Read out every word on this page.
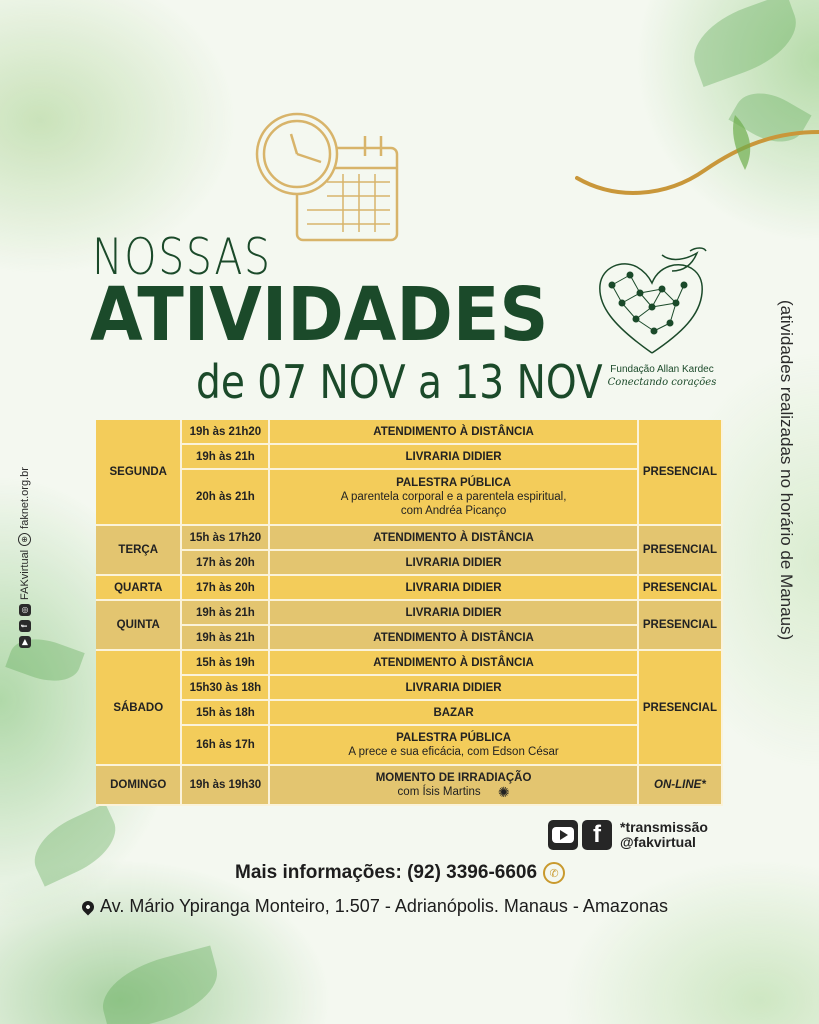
NOSSAS
ATIVIDADES
de 07 NOV a 13 NOV Fundação Allan Kardec
Conectando corações
▶
f
◎
FAKvirtual
⊕
faknet.org.br	(atividades realizadas no horário de Manaus)
SEGUNDA	19h às 21h20	ATENDIMENTO À DISTÂNCIA	PRESENCIAL
	19h às 21h	LIVRARIA DIDIER	
	20h às 21h	PALESTRA PÚBLICA
A parentela corporal e a parentela espiritual,
com Andréa Picanço	

TERÇA	15h às 17h20	ATENDIMENTO À DISTÂNCIA	PRESENCIAL
	17h às 20h	LIVRARIA DIDIER	
QUARTA	17h às 20h	LIVRARIA DIDIER	PRESENCIAL
QUINTA	19h às 21h	LIVRARIA DIDIER	PRESENCIAL
	19h às 21h	ATENDIMENTO À DISTÂNCIA	
SÁBADO	15h às 19h	ATENDIMENTO À DISTÂNCIA	PRESENCIAL
	15h30 às 18h	LIVRARIA DIDIER	
	15h às 18h	BAZAR	
	16h às 17h	PALESTRA PÚBLICA
A prece e sua eficácia, com Edson César	

DOMINGO	19h às 19h30	MOMENTO DE IRRADIAÇÃO
com Ísis Martins ✺	ON-LINE*
f *transmissão
@fakvirtual
Mais informações: (92) 3396-6606	✆
Av. Mário Ypiranga Monteiro, 1.507 - Adrianópolis. Manaus - Amazonas
